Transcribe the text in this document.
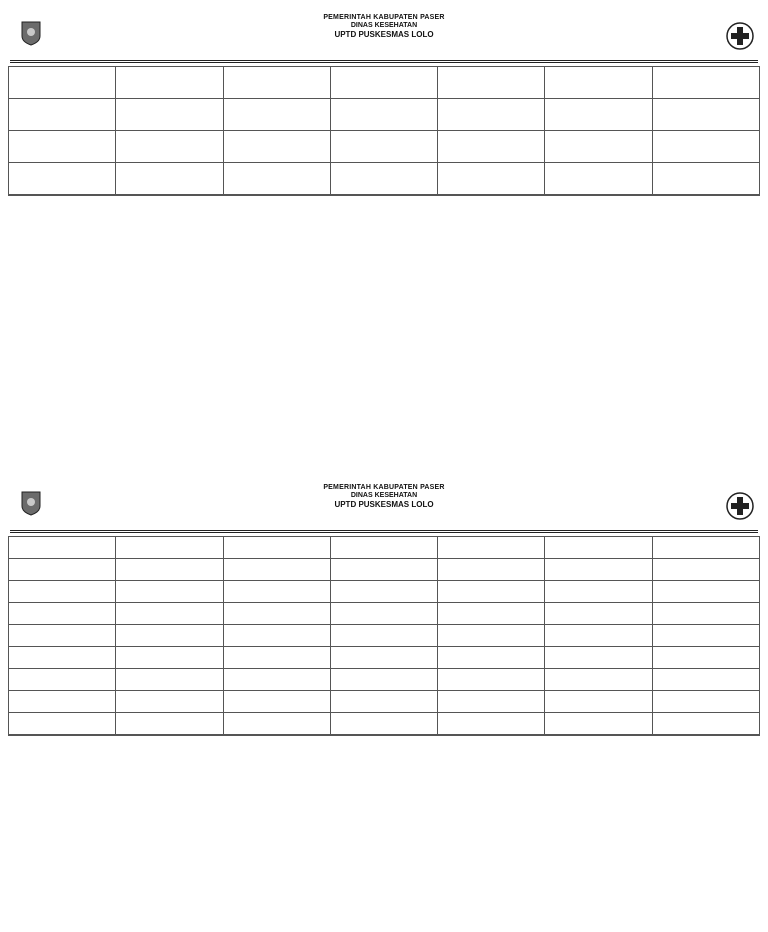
PEMERINTAH KABUPATEN PASER
DINAS KESEHATAN
UPTD PUSKESMAS LOLO

PEMERINTAH KABUPATEN PASER
DINAS KESEHATAN
UPTD PUSKESMAS LOLO
